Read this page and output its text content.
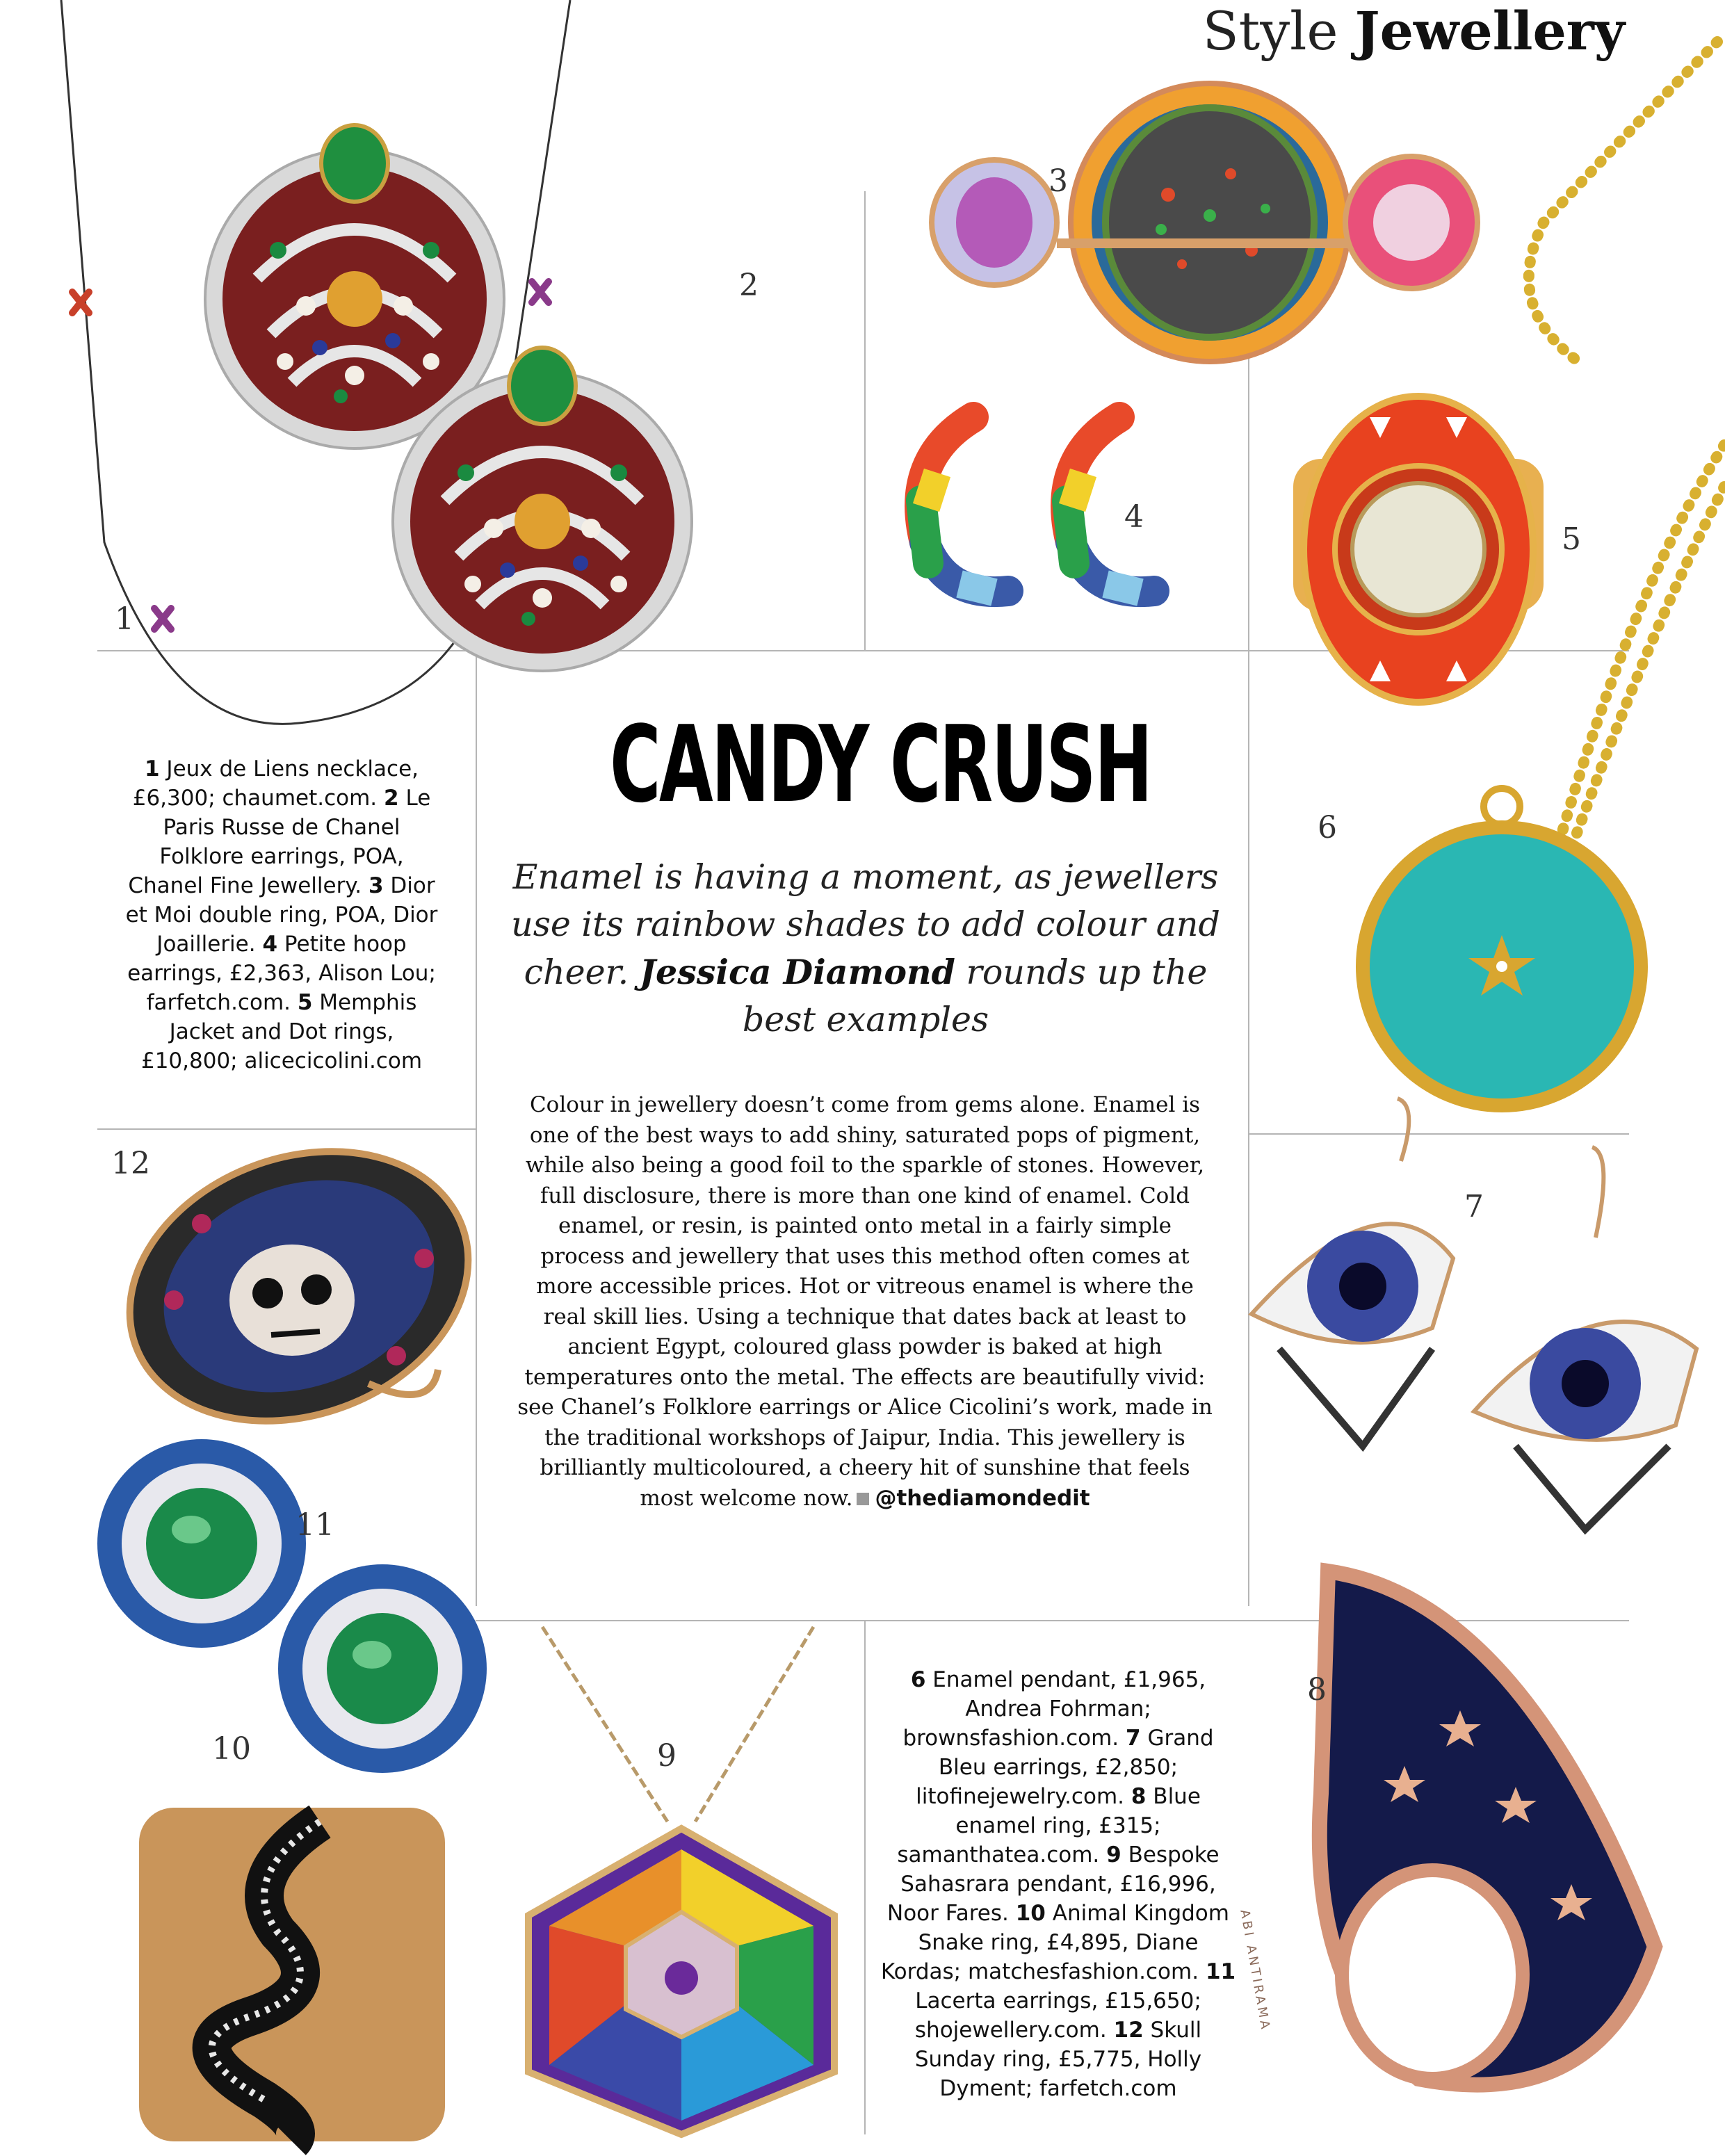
Style Jewellery
1
2
3
4
5
6
7
8
9
10
11
12
1 Jeux de Liens necklace, £6,300; chaumet.com. 2 Le Paris Russe de Chanel Folklore earrings, POA, Chanel Fine Jewellery. 3 Dior et Moi double ring, POA, Dior Joaillerie. 4 Petite hoop earrings, £2,363, Alison Lou; farfetch.com. 5 Memphis Jacket and Dot rings, £10,800; alicecicolini.com
CANDY CRUSH
Enamel is having a moment, as jewellers use its rainbow shades to add colour and cheer. Jessica Diamond rounds up the best examples
Colour in jewellery doesn’t come from gems alone. Enamel is one of the best ways to add shiny, saturated pops of pigment, while also being a good foil to the sparkle of stones. However, full disclosure, there is more than one kind of enamel. Cold enamel, or resin, is painted onto metal in a fairly simple process and jewellery that uses this method often comes at more accessible prices. Hot or vitreous enamel is where the real skill lies. Using a technique that dates back at least to ancient Egypt, coloured glass powder is baked at high temperatures onto the metal. The effects are beautifully vivid: see Chanel’s Folklore earrings or Alice Cicolini’s work, made in the traditional workshops of Jaipur, India. This jewellery is brilliantly multicoloured, a cheery hit of sunshine that feels most welcome now. @thediamondedit
6 Enamel pendant, £1,965, Andrea Fohrman; brownsfashion.com. 7 Grand Bleu earrings, £2,850; litofinejewelry.com. 8 Blue enamel ring, £315; samanthatea.com. 9 Bespoke Sahasrara pendant, £16,996, Noor Fares. 10 Animal Kingdom Snake ring, £4,895, Diane Kordas; matchesfashion.com. 11 Lacerta earrings, £15,650; shojewellery.com. 12 Skull Sunday ring, £5,775, Holly Dyment; farfetch.com
ABI ANTIRAMA
